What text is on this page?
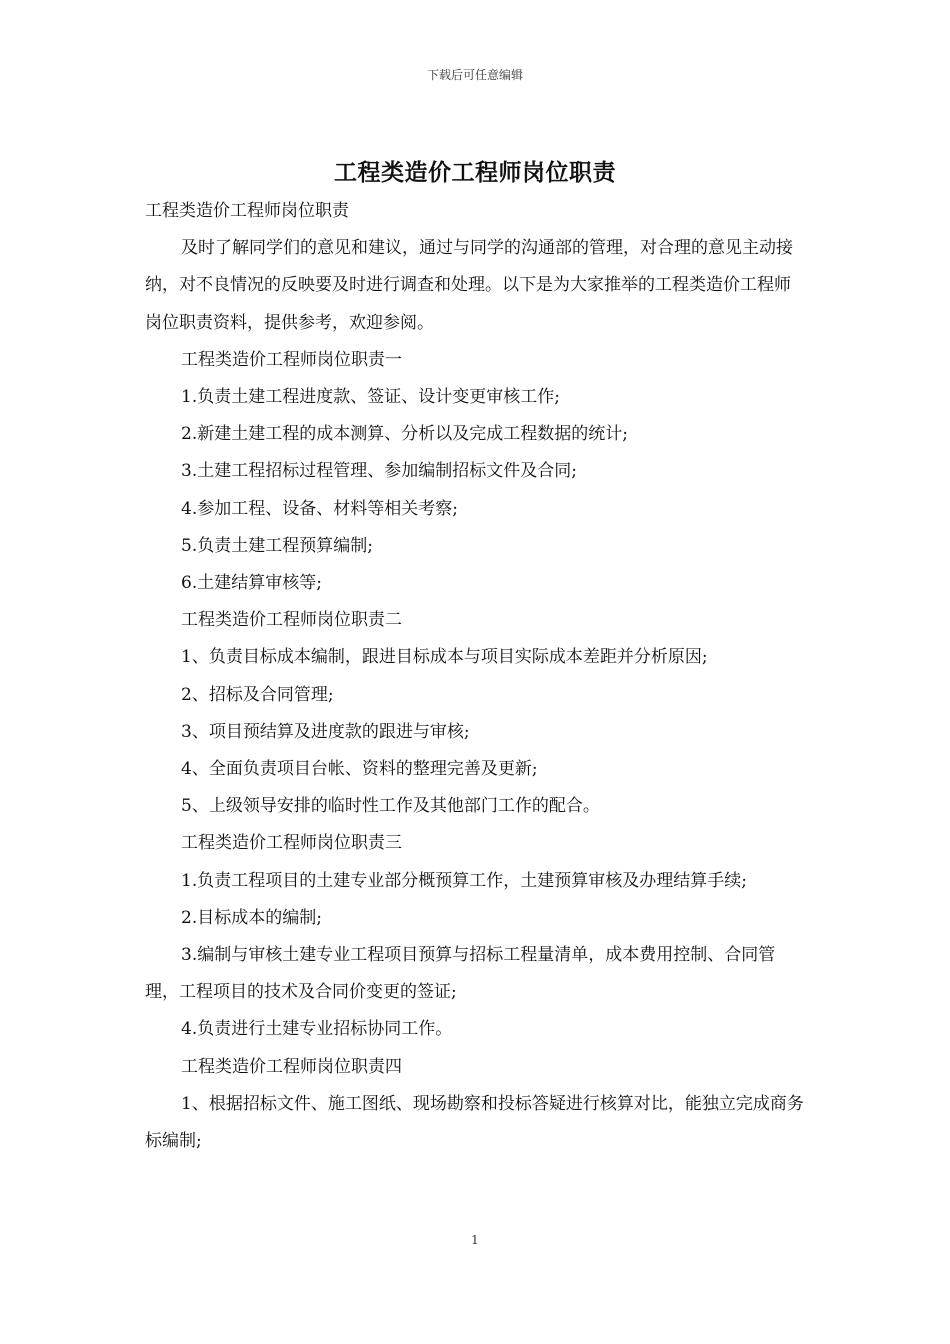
下载后可任意编辑
工程类造价工程师岗位职责

工程类造价工程师岗位职责

及时了解同学们的意见和建议，通过与同学的沟通部的管理，对合理的意见主动接纳，对不良情况的反映要及时进行调查和处理。以下是为大家推举的工程类造价工程师岗位职责资料，提供参考，欢迎参阅。

工程类造价工程师岗位职责一

1.负责土建工程进度款、签证、设计变更审核工作;

2.新建土建工程的成本测算、分析以及完成工程数据的统计;

3.土建工程招标过程管理、参加编制招标文件及合同;

4.参加工程、设备、材料等相关考察;

5.负责土建工程预算编制;

6.土建结算审核等;

工程类造价工程师岗位职责二

1、负责目标成本编制，跟进目标成本与项目实际成本差距并分析原因;

2、招标及合同管理;

3、项目预结算及进度款的跟进与审核;

4、全面负责项目台帐、资料的整理完善及更新;

5、上级领导安排的临时性工作及其他部门工作的配合。

工程类造价工程师岗位职责三

1.负责工程项目的土建专业部分概预算工作，土建预算审核及办理结算手续;

2.目标成本的编制;

3.编制与审核土建专业工程项目预算与招标工程量清单，成本费用控制、合同管理，工程项目的技术及合同价变更的签证;

4.负责进行土建专业招标协同工作。

工程类造价工程师岗位职责四

1、根据招标文件、施工图纸、现场勘察和投标答疑进行核算对比，能独立完成商务标编制;

1
